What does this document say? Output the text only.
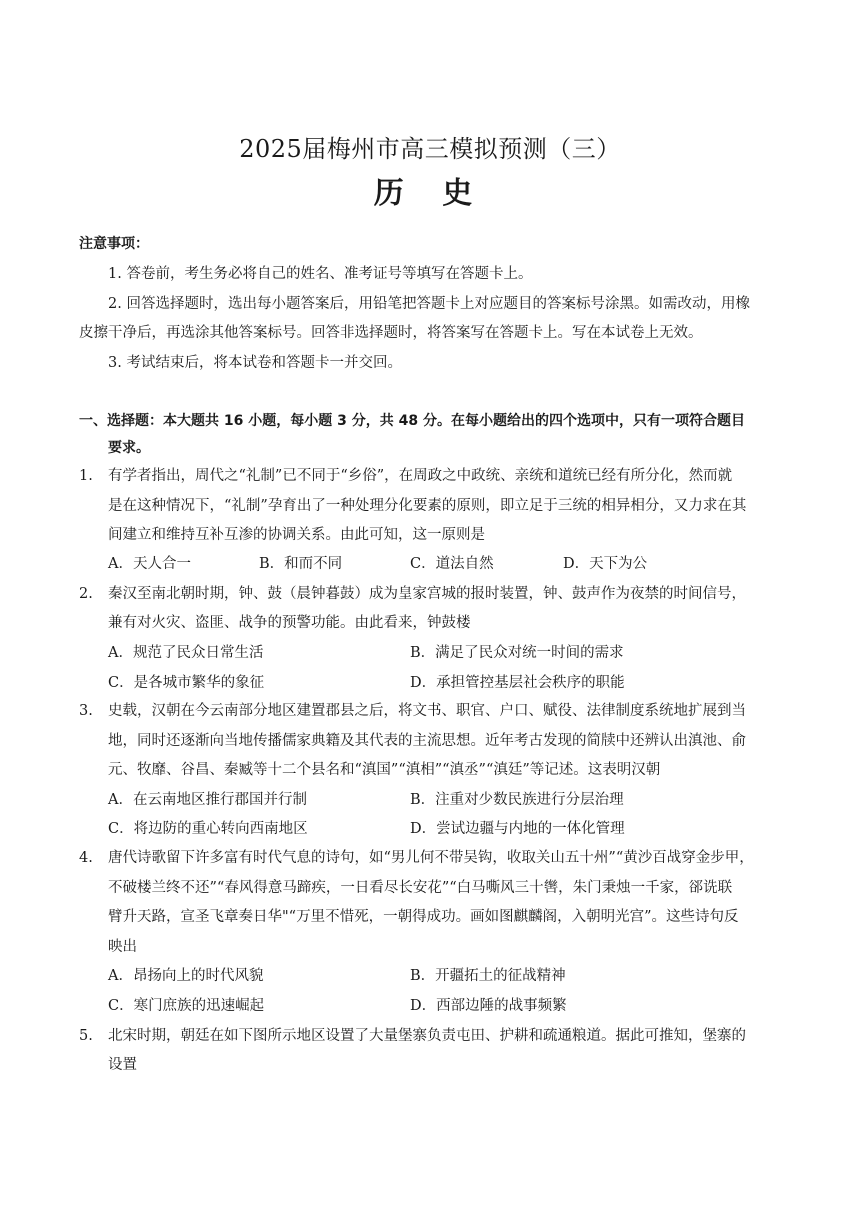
2025届梅州市高三模拟预测（三）
历 史
注意事项：
1. 答卷前，考生务必将自己的姓名、准考证号等填写在答题卡上。
2. 回答选择题时，选出每小题答案后，用铅笔把答题卡上对应题目的答案标号涂黑。如需改动，用橡
皮擦干净后，再选涂其他答案标号。回答非选择题时，将答案写在答题卡上。写在本试卷上无效。
3. 考试结束后，将本试卷和答题卡一并交回。
一、选择题：本大题共 16 小题，每小题 3 分，共 48 分。在每小题给出的四个选项中，只有一项符合题目
要求。
1. 有学者指出，周代之“礼制”已不同于“乡俗”，在周政之中政统、亲统和道统已经有所分化，然而就
是在这种情况下，“礼制”孕育出了一种处理分化要素的原则，即立足于三统的相异相分，又力求在其
间建立和维持互补互渗的协调关系。由此可知，这一原则是
A．天人合一	B．和而不同	C．道法自然	D．天下为公
2. 秦汉至南北朝时期，钟、鼓（晨钟暮鼓）成为皇家宫城的报时装置，钟、鼓声作为夜禁的时间信号，
兼有对火灾、盗匪、战争的预警功能。由此看来，钟鼓楼
A．规范了民众日常生活	B．满足了民众对统一时间的需求
C．是各城市繁华的象征	D．承担管控基层社会秩序的职能
3. 史载，汉朝在今云南部分地区建置郡县之后，将文书、职官、户口、赋役、法律制度系统地扩展到当
地，同时还逐渐向当地传播儒家典籍及其代表的主流思想。近年考古发现的简牍中还辨认出滇池、俞
元、牧靡、谷昌、秦臧等十二个县名和“滇国”“滇相”“滇丞”“滇廷”等记述。这表明汉朝
A．在云南地区推行郡国并行制	B．注重对少数民族进行分层治理
C．将边防的重心转向西南地区	D．尝试边疆与内地的一体化管理
4. 唐代诗歌留下许多富有时代气息的诗句，如“男儿何不带吴钩，收取关山五十州”“黄沙百战穿金步甲，
不破楼兰终不还”“春风得意马蹄疾，一日看尽长安花”“白马嘶风三十辔，朱门秉烛一千家，郤诜联
臂升天路，宣圣飞章奏日华"“万里不惜死，一朝得成功。画如图麒麟阁，入朝明光宫”。这些诗句反
映出
A．昂扬向上的时代风貌	B．开疆拓土的征战精神
C．寒门庶族的迅速崛起	D．西部边陲的战事频繁
5. 北宋时期，朝廷在如下图所示地区设置了大量堡寨负责屯田、护耕和疏通粮道。据此可推知，堡寨的
设置
